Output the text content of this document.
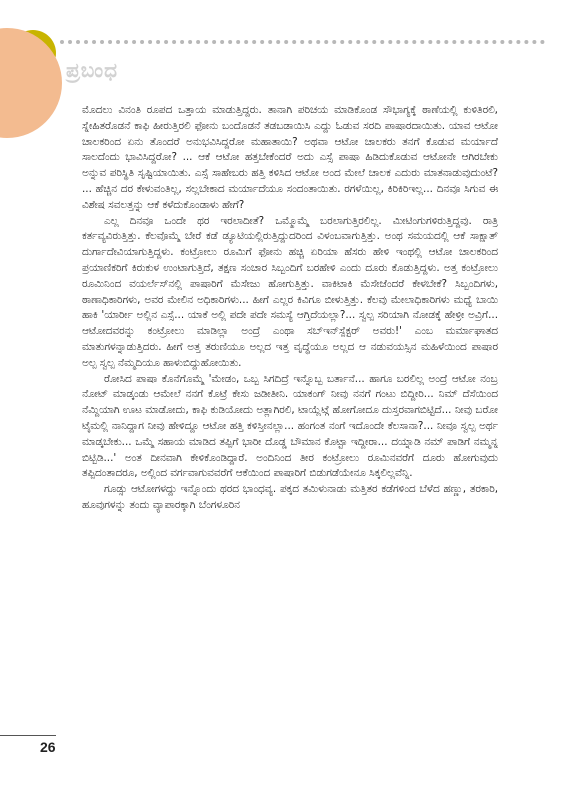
ಪ್ರಬಂಧ

ಮೊದಲು ವಿನಂತಿ ರೂಪದ ಒತ್ತಾಯ ಮಾಡುತ್ತಿದ್ದರು. ತಾನಾಗಿ ಪರಿಚಯ ಮಾಡಿಕೊಂಡ ಸೌಭಾಗ್ಯಕ್ಕೆ ಠಾಣೆಯಲ್ಲಿ ಕುಳಿತಿರಲಿ, ಸ್ನೇಹಿತರೊಡನೆ ಕಾಫಿ ಹೀರುತ್ತಿರಲಿ ಫೋನು ಬಂದೊಡನೆ ತಡಬಡಾಯಿಸಿ ಎದ್ದು ಓಡುವ ಸರದಿ ಪಾಷಾರದಾಯಿತು. ಯಾವ ಆಟೋ ಚಾಲಕರಿಂದ ಏನು ತೊಂದರೆ ಅನುಭವಿಸಿದ್ದರೋ ಮಹಾತಾಯಿ? ಅಥವಾ ಆಟೋ ಚಾಲಕರು ತನಗೆ ಕೊಡುವ ಮರ್ಯಾದೆ ಸಾಲದೆಂದು ಭಾವಿಸಿದ್ದರೋ? ... ಆಕೆ ಆಟೋ ಹತ್ತಬೇಕೆಂದರೆ ಅದು ಎಸ್ಸೆ ಪಾಷಾ ಹಿಡಿದುಕೊಡುವ ಆಟೋನೇ ಆಗಿರಬೇಕು ಅನ್ನುವ ಪರಿಸ್ಥಿತಿ ಸೃಷ್ಟಿಯಾಯಿತು. ಎಸ್ಸೆ ಸಾಹೇಬರು ಹತ್ತಿ ಕಳಿಸಿದ ಆಟೋ ಅಂದ ಮೇಲೆ ಚಾಲಕ ಎದುರು ಮಾತನಾಡುವುದುಂಟೆ? ... ಹೆಚ್ಚಿನ ದರ ಕೇಳುವಂತಿಲ್ಲ, ಸಲ್ಲಬೇಕಾದ ಮರ್ಯಾದೆಯೂ ಸಂದಂತಾಯಿತು. ರಗಳೆಯಿಲ್ಲ, ಕಿರಿಕಿರಿಇಲ್ಲ... ದಿನವೂ ಸಿಗುವ ಈ ವಿಶೇಷ ಸವಲತ್ತನ್ನು ಆಕೆ ಕಳೆದುಕೊಂಡಾಳು ಹೇಗೆ?

ಎಲ್ಲ ದಿನವೂ ಒಂದೇ ಥರ ಇರಲಾದೀತೆ? ಒಮ್ಮೊಮ್ಮೆ ಬರಲಾಗುತ್ತಿರಲಿಲ್ಲ. ಮೀಟಿಂಗುಗಳಿರುತ್ತಿದ್ದವು. ರಾತ್ರಿ ಕರ್ತವ್ಯವಿರುತ್ತಿತ್ತು. ಕೆಲವೊಮ್ಮೆ ಬೇರೆ ಕಡೆ ಡ್ಯೂಟಿಯಲ್ಲಿರುತ್ತಿದ್ದುದರಿಂದ ವಿಳಂಬವಾಗುತ್ತಿತ್ತು. ಅಂಥ ಸಮಯದಲ್ಲಿ ಆಕೆ ಸಾಕ್ಷಾತ್ ದುರ್ಗಾದೇವಿಯಾಗುತ್ತಿದ್ದಳು. ಕಂಟ್ರೋಲು ರೂಮಿಗೆ ಫೋನು ಹಚ್ಚಿ ಏರಿಯಾ ಹೆಸರು ಹೇಳಿ ಇಂಥಲ್ಲಿ ಆಟೋ ಚಾಲಕರಿಂದ ಪ್ರಯಾಣಿಕರಿಗೆ ಕಿರುಕುಳ ಉಂಟಾಗುತ್ತಿದೆ, ತಕ್ಷಣ ಸಂಚಾರ ಸಿಬ್ಬಂದಿಗೆ ಬರಹೇಳಿ ಎಂದು ದೂರು ಕೊಡುತ್ತಿದ್ದಳು. ಅತ್ತ ಕಂಟ್ರೋಲು ರೂಮಿನಿಂದ ವಯರ್ಲೆಸ್‌ನಲ್ಲಿ ಪಾಷಾರಿಗೆ ಮೆಸೇಜು ಹೋಗುತ್ತಿತ್ತು. ವಾಕಿಟಾಕಿ ಮೆಸೇಜೆಂದರೆ ಕೇಳಬೇಕೆ? ಸಿಬ್ಬಂದಿಗಳು, ಠಾಣಾಧಿಕಾರಿಗಳು, ಅವರ ಮೇಲಿನ ಅಧಿಕಾರಿಗಳು... ಹೀಗೆ ಎಲ್ಲರ ಕಿವಿಗೂ ಬೀಳುತ್ತಿತ್ತು. ಕೆಲವು ಮೇಲಾಧಿಕಾರಿಗಳು ಮಧ್ಯೆ ಬಾಯಿ ಹಾಕಿ 'ಯಾರ್ರೀ ಅಲ್ಲಿನ ಎಸ್ಸೆ... ಯಾಕೆ ಅಲ್ಲಿ ಪದೇ ಪದೇ ಸಮಸ್ಯೆ ಆಗ್ತಿದೆಯಲ್ಲಾ?... ಸ್ವಲ್ಪ ಸರಿಯಾಗಿ ನೋಡಕ್ಕೆ ಹೇಳ್ರೀ ಅವ್ರಿಗೆ... ಆಟೋದವರನ್ನು ಕಂಟ್ರೋಲು ಮಾಡಿಲ್ಲಾ ಅಂದ್ರೆ ಎಂಥಾ ಸಬ್‌ಇನ್‌ಸ್ಪೆಕ್ಟರ್ ಅವರು!' ಎಂಬ ಮರ್ಮಾಘಾತದ ಮಾತುಗಳನ್ನಾಡುತ್ತಿದರು. ಹೀಗೆ ಅತ್ತ ತರುಣಿಯೂ ಅಲ್ಲದ ಇತ್ತ ವೃದ್ಧೆಯೂ ಅಲ್ಲದ ಆ ನಡುವಯಸ್ಸಿನ ಮಹಿಳೆಯಿಂದ ಪಾಷಾರ ಅಲ್ಪ ಸ್ವಲ್ಪ ನೆಮ್ಮದಿಯೂ ಹಾಳುಬಿದ್ದುಹೋಯಿತು.

ರೋಸಿದ ಪಾಷಾ ಕೊನೆಗೊಮ್ಮೆ 'ಮೇಡಂ, ಒಬ್ಬ ಸಿಗದಿದ್ರೆ ಇನ್ನೊಬ್ಬ ಬರ್ತಾನೆ... ಹಾಗೂ ಬರಲಿಲ್ಲ ಅಂದ್ರೆ ಆಟೋ ನಂಬ್ರ ನೋಟ್ ಮಾಡ್ಕಂಡು ಆಮೇಲೆ ನನಗೆ ಕೊಟ್ರೆ ಕೇಸು ಜಡೀತೀನಿ. ಯಾಕಂಗ್ ನೀವು ನನಗೆ ಗಂಟು ಬಿದ್ದೀರಿ... ನಿಮ್ ದೆಸೆಯಿಂದ ನೆಮ್ದಿಯಾಗಿ ಊಟ ಮಾಡೋದು, ಕಾಫಿ ಕುಡಿಯೋದು ಅತ್ಲಾಗಿರಲಿ, ಟಾಯ್ಲೆಟ್ಗೆ ಹೋಗೋದೂ ದುಸ್ತರವಾಗಬಿಟ್ಟಿದೆ... ನೀವು ಬರೋ ಟೈಮಲ್ಲಿ ನಾನಿದ್ದಾಗ ನೀವು ಹೇಳಿದ್ದೂ ಆಟೋ ಹತ್ತಿ ಕಳಿಸ್ತೀನಲ್ಲಾ... ಹಂಗಂತ ನಂಗೆ ಇದೊಂದೇ ಕೆಲಸಾನಾ?... ನೀವೂ ಸ್ವಲ್ಪ ಅರ್ಥ ಮಾಡ್ಕಬೇಕು... ಒಮ್ಮೆ ಸಹಾಯ ಮಾಡಿದ ತಪ್ಪಿಗೆ ಭಾರೀ ದೊಡ್ಡ ಬೌಮಾನ ಕೊಟ್ಟಾ ಇದ್ದೀರಾ... ದಯ್ನಾಡಿ ನಮ್ ಪಾಡಿಗೆ ನಮ್ಮನ್ನ ಬಿಟ್ಬಿಡಿ...' ಅಂತ ದೀನವಾಗಿ ಕೇಳಿಕೊಂಡಿದ್ದಾರೆ. ಅಂದಿನಿಂದ ತೀರ ಕಂಟ್ರೋಲು ರೂಮಿನವರೆಗೆ ದೂರು ಹೋಗುವುದು ತಪ್ಪಿದಂತಾದರೂ, ಅಲ್ಲಿಂದ ವರ್ಗವಾಗುವವರೆಗೆ ಆಕೆಯಿಂದ ಪಾಷಾರಿಗೆ ಬಿಡುಗಡೆಯೇನೂ ಸಿಕ್ಕಲಿಲ್ಲವೆನ್ನಿ.

ಗೂಡ್ಸು ಆಟೋಗಳದ್ದು ಇನ್ನೊಂದು ಥರದ ಭಾಂಧವ್ಯ. ಪಕ್ಕದ ತಮಿಳುನಾಡು ಮತ್ತಿತರ ಕಡೆಗಳಿಂದ ಬೆಳೆದ ಹಣ್ಣು, ತರಕಾರಿ, ಹೂವುಗಳನ್ನು ತಂದು ವ್ಯಾಪಾರಕ್ಕಾಗಿ ಬೆಂಗಳೂರಿನ

26
